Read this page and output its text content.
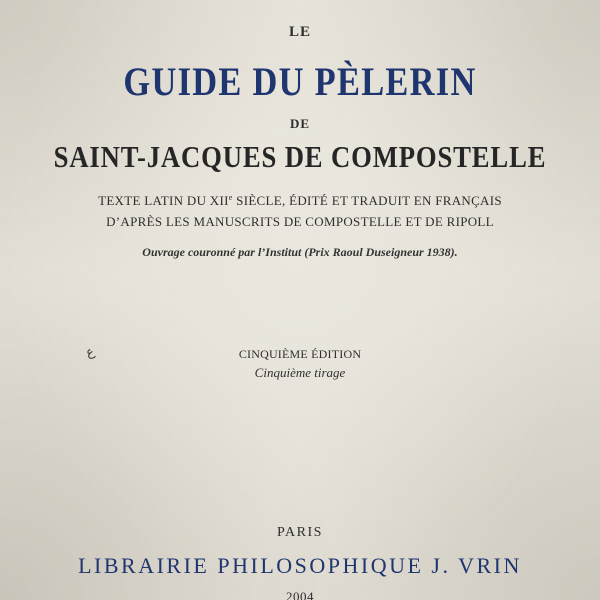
LE
GUIDE DU PÈLERIN
DE
SAINT-JACQUES DE COMPOSTELLE
TEXTE LATIN DU XIIe SIÈCLE, ÉDITÉ ET TRADUIT EN FRANÇAIS
D’APRÈS LES MANUSCRITS DE COMPOSTELLE ET DE RIPOLL
Ouvrage couronné par l’Institut (Prix Raoul Duseigneur 1938).
ع	CINQUIÈME ÉDITION
Cinquième tirage
PARIS
LIBRAIRIE PHILOSOPHIQUE J. VRIN
2004
